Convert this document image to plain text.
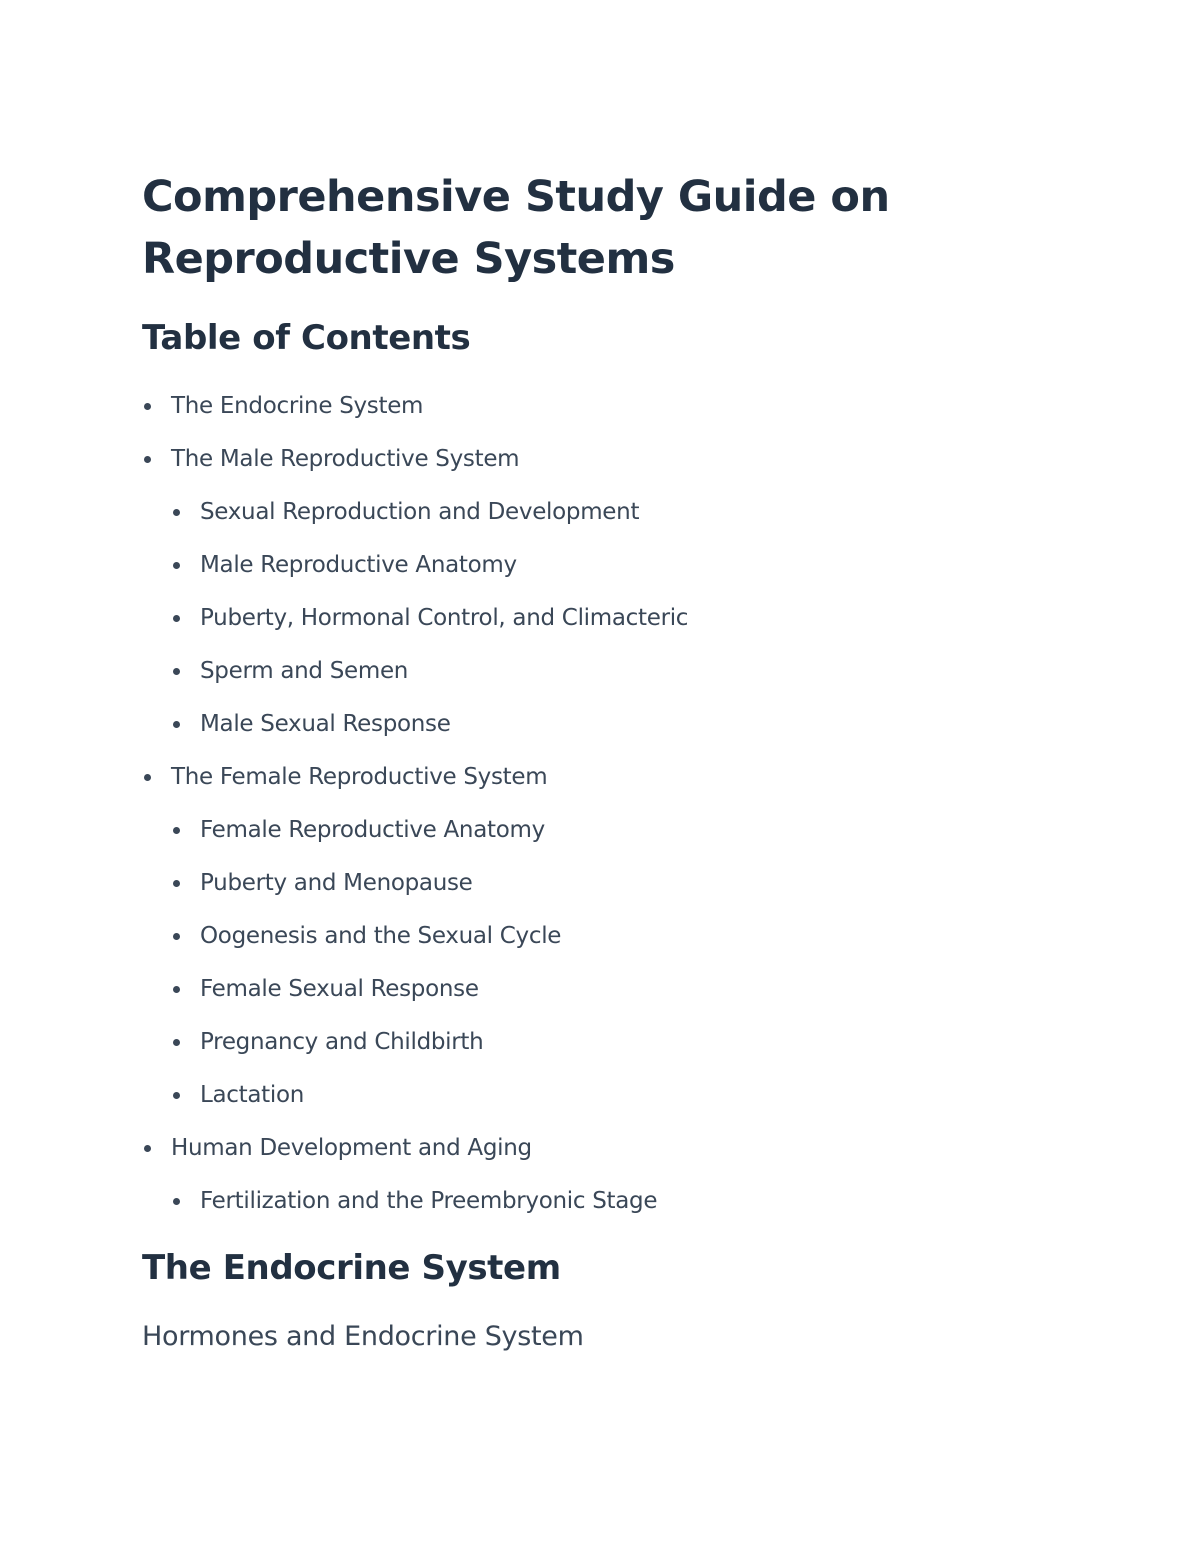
Comprehensive Study Guide on Reproductive Systems
Table of Contents
The Endocrine System
The Male Reproductive System
Sexual Reproduction and Development
Male Reproductive Anatomy
Puberty, Hormonal Control, and Climacteric
Sperm and Semen
Male Sexual Response
The Female Reproductive System
Female Reproductive Anatomy
Puberty and Menopause
Oogenesis and the Sexual Cycle
Female Sexual Response
Pregnancy and Childbirth
Lactation
Human Development and Aging
Fertilization and the Preembryonic Stage
The Endocrine System
Hormones and Endocrine System
